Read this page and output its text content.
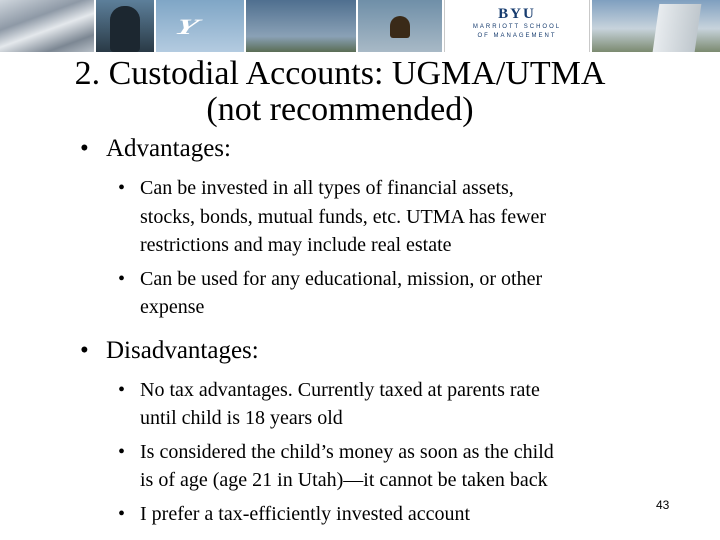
Y	BYU
MARRIOTT SCHOOL
OF MANAGEMENT
2. Custodial Accounts: UGMA/UTMA
(not recommended)

• Advantages:

• Can be invested in all types of financial assets,
stocks, bonds, mutual funds, etc. UTMA has fewer
restrictions and may include real estate
• Can be used for any educational, mission, or other
expense

• Disadvantages:

• No tax advantages. Currently taxed at parents rate
until child is 18 years old
• Is considered the child’s money as soon as the child
is of age (age 21 in Utah)—it cannot be taken back
• I prefer a tax-efficiently invested account	43
